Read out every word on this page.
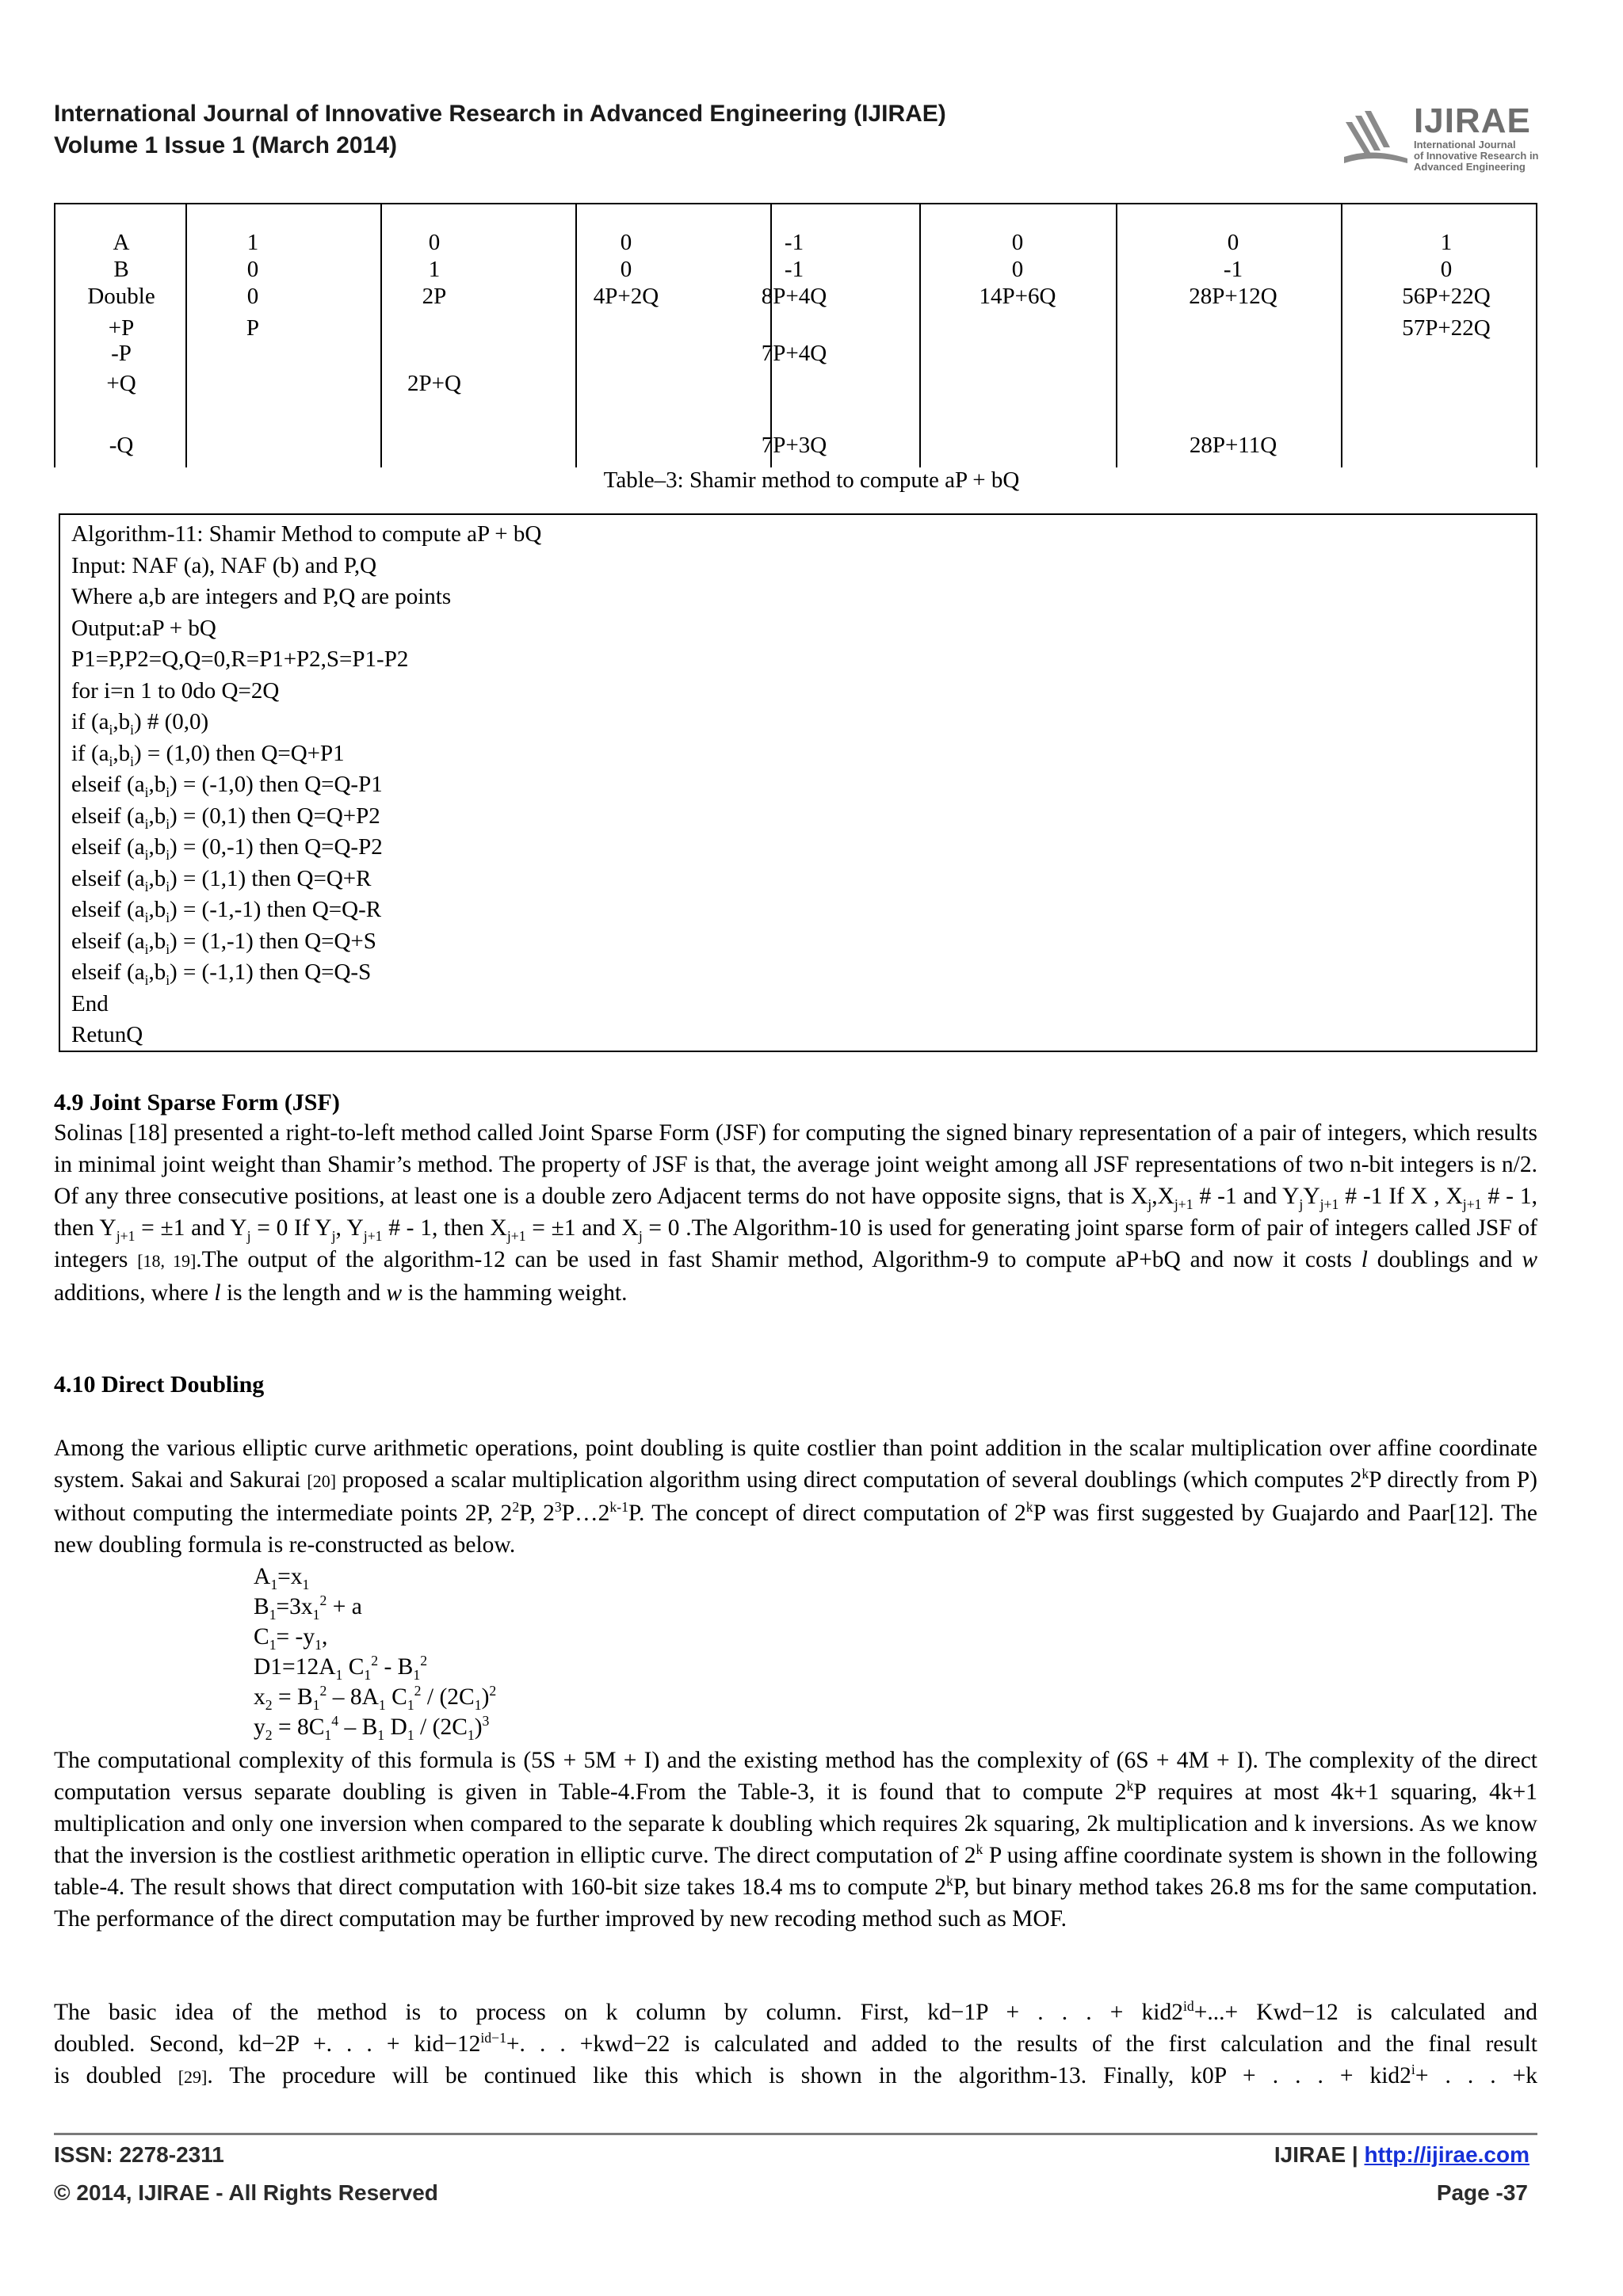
International Journal of Innovative Research in Advanced Engineering (IJIRAE)
Volume 1 Issue 1 (March 2014)
IJIRAE
International Journal
of Innovative Research in
Advanced Engineering
A
B
Double
+P
-P
+Q
-Q
1
0
0
P
0
1
2P
2P+Q
0
0
4P+2Q
-1
-1
8P+4Q
7P+4Q
7P+3Q
0
0
14P+6Q
0
-1
28P+12Q
28P+11Q
1
0
56P+22Q
57P+22Q
Table–3: Shamir method to compute aP + bQ
Algorithm-11: Shamir Method to compute aP + bQ
Input: NAF (a), NAF (b) and P,Q
Where a,b are integers and P,Q are points
Output:aP + bQ
P1=P,P2=Q,Q=0,R=P1+P2,S=P1-P2
for i=n 1 to 0do Q=2Q
if $(a_i,b_i)$ # (0,0)
if $(a_i,b_i) = (1,0)$ then Q=Q+P1
elseif $(a_i,b_i) = (-1,0)$ then Q=Q-P1
elseif $(a_i,b_i) = (0,1)$ then Q=Q+P2
elseif $(a_i,b_i) = (0,-1)$ then Q=Q-P2
elseif $(a_i,b_i) = (1,1)$ then Q=Q+R
elseif $(a_i,b_i) = (-1,-1)$ then Q=Q-R
elseif $(a_i,b_i) = (1,-1)$ then Q=Q+S
elseif $(a_i,b_i) = (-1,1)$ then Q=Q-S
End
RetunQ
4.9 Joint Sparse Form (JSF)

Solinas [18] presented a right-to-left method called Joint Sparse Form (JSF) for computing the signed binary representation of a pair of integers, which results in minimal joint weight than Shamir’s method. The property of JSF is that, the average joint weight among all JSF representations of two n-bit integers is n/2. Of any three consecutive positions, at least one is a double zero Adjacent terms do not have opposite signs, that is $X_j,X_{j+1}$ # -1 and $Y_jY_{j+1}$ # -1 If X , $X_{j+1}$ # - 1, then $Y_{j+1} = \pm 1$ and $Y_j = 0$ If $Y_j$, $Y_{j+1}$ # - 1, then $X_{j+1} = \pm 1$ and $X_j = 0$ .The Algorithm-10 is used for generating joint sparse form of pair of integers called JSF of integers [18, 19].The output of the algorithm-12 can be used in fast Shamir method, Algorithm-9 to compute aP+bQ and now it costs l doublings and w additions, where l is the length and w is the hamming weight.

4.10 Direct Doubling

Among the various elliptic curve arithmetic operations, point doubling is quite costlier than point addition in the scalar multiplication over affine coordinate system. Sakai and Sakurai [20] proposed a scalar multiplication algorithm using direct computation of several doublings (which computes 2$^k$P directly from P) without computing the intermediate points 2P, $2^2P$, $2^3P\dots 2^{k-1}P$. The concept of direct computation of 2$^k$P was first suggested by Guajardo and Paar[12]. The new doubling formula is re-constructed as below.

$A_1=x_1$
$B_1=3x_1^2 + a$
$C_1= -y_1$,
$D1=12A_1$ $C_1^2 - B_1^2$
$x_2 = B_1^2 - 8A_1$ $C_1^2 / (2C_1)^2$
$y_2 = 8C_1^4 - B_1$ $D_1 / (2C_1)^3$

The computational complexity of this formula is (5S + 5M + I) and the existing method has the complexity of (6S + 4M + I). The complexity of the direct computation versus separate doubling is given in Table-4.From the Table-3, it is found that to compute 2$^k$P requires at most 4k+1 squaring, 4k+1 multiplication and only one inversion when compared to the separate k doubling which requires 2k squaring, 2k multiplication and k inversions. As we know that the inversion is the costliest arithmetic operation in elliptic curve. The direct computation of 2$^k$ P using affine coordinate system is shown in the following table-4. The result shows that direct computation with 160-bit size takes 18.4 ms to compute 2$^k$P, but binary method takes 26.8 ms for the same computation. The performance of the direct computation may be further improved by new recoding method such as MOF.

The basic idea of the method is to process on k column by column. First, kd−1P + . . . + $kid2^{id}+...+ Kwd-12$ is calculated and

doubled. Second, kd−2P +. . . + $kid-12^{id-1}+$. . . +kwd−22 is calculated and added to the results of the first calculation and the final result

is doubled [29]. The procedure will be continued like this which is shown in the algorithm-13. Finally, k0P + . . . + $kid2^i+$ . . . +k

ISSN: 2278-2311
© 2014, IJIRAE - All Rights Reserved
IJIRAE | http://ijirae.com
Page -37
